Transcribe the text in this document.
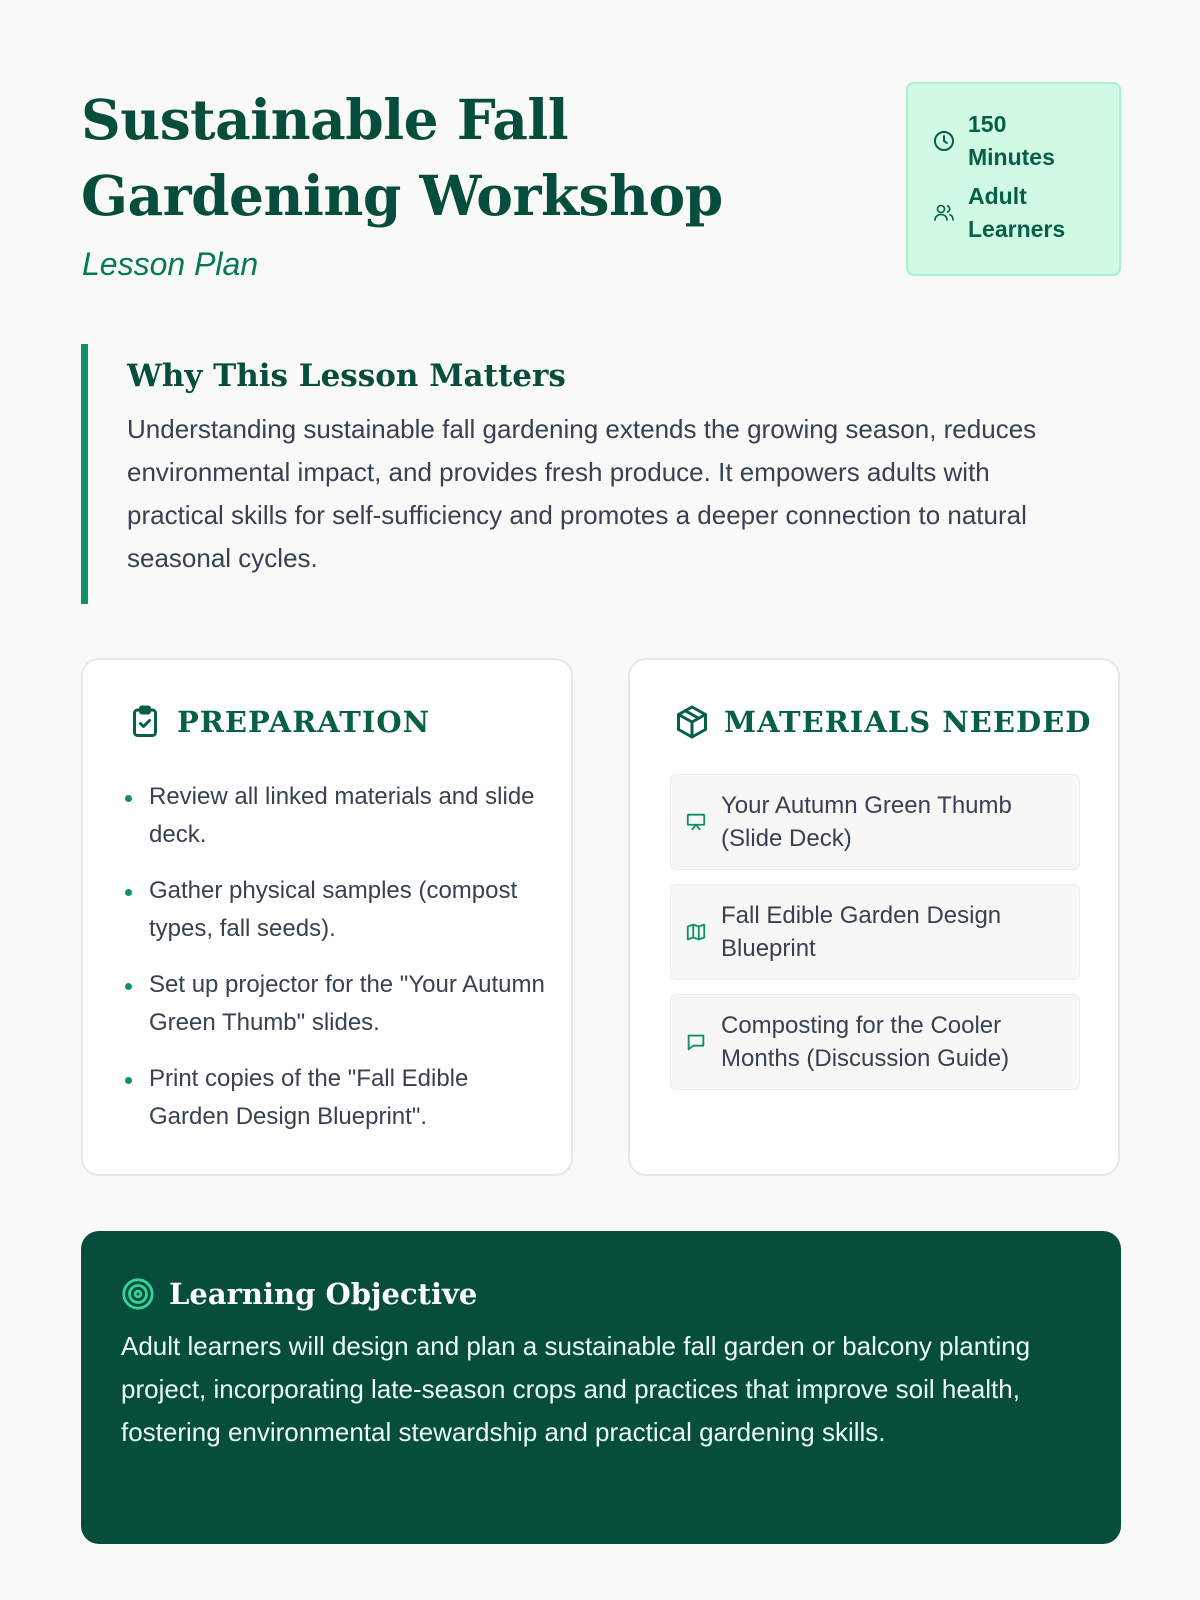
Sustainable Fall Gardening Workshop
Lesson Plan
150 Minutes
Adult Learners
Why This Lesson Matters

Understanding sustainable fall gardening extends the growing season, reduces environmental impact, and provides fresh produce. It empowers adults with practical skills for self-sufficiency and promotes a deeper connection to natural seasonal cycles.

PREPARATION
Review all linked materials and slide deck.
Gather physical samples (compost types, fall seeds).
Set up projector for the "Your Autumn Green Thumb" slides.
Print copies of the "Fall Edible Garden Design Blueprint".
MATERIALS NEEDED
Your Autumn Green Thumb (Slide Deck)
Fall Edible Garden Design Blueprint
Composting for the Cooler Months (Discussion Guide)
Learning Objective

Adult learners will design and plan a sustainable fall garden or balcony planting project, incorporating late-season crops and practices that improve soil health, fostering environmental stewardship and practical gardening skills.
